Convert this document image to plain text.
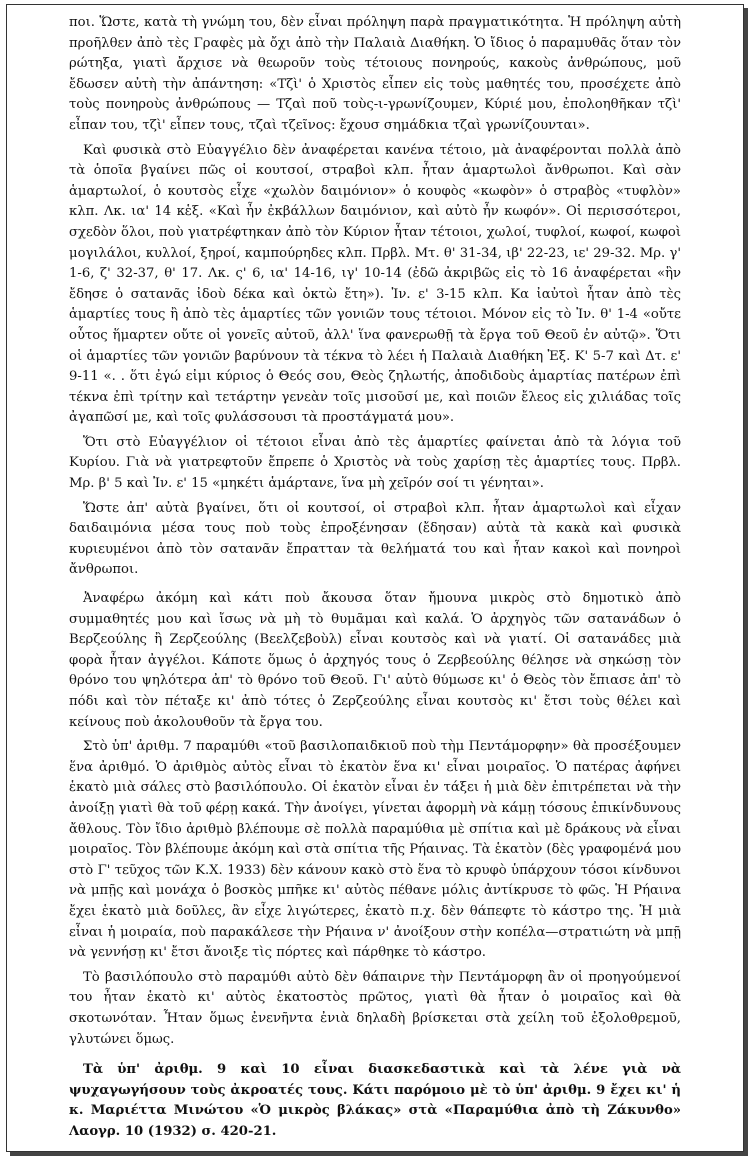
ποι. Ὥστε, κατὰ τὴ γνώμη του, δὲν εἶναι πρόληψη παρὰ πραγματικότητα. Ἡ πρόληψη αὐτὴ προῆλθεν ἀπὸ τὲς Γραφὲς μὰ ὄχι ἀπὸ τὴν Παλαιὰ Διαθήκη. Ὁ ἴδιος ὁ παραμυθᾶς ὅταν τὸν ρώτηξα, γιατὶ ἄρχισε νὰ θεωροῦν τοὺς τέτοιους πονηρούς, κακοὺς ἀνθρώπους, μοῦ ἔδωσεν αὐτὴ τὴν ἀπάντηση: «Τζὶ' ὁ Χριστὸς εἶπεν εἰς τοὺς μαθητές του, προσέχετε ἀπὸ τοὺς πονηροὺς ἀνθρώπους — Τζαὶ ποῦ τοὺς-ι-γρωνίζουμεν, Κύριέ μου, ἐπολοηθῆκαν τζὶ' εἶπαν του, τζὶ' εἶπεν τους, τζαὶ τζεῖνος: ἔχουσ σημάδκια τζαὶ γρωνίζουνται».

Καὶ φυσικὰ στὸ Εὐαγγέλιο δὲν ἀναφέρεται κανένα τέτοιο, μὰ ἀναφέρονται πολλὰ ἀπὸ τὰ ὁποῖα βγαίνει πῶς οἱ κουτσοί, στραβοὶ κλπ. ἦταν ἁμαρτωλοὶ ἄνθρωποι. Καὶ σὰν ἁμαρτωλοί, ὁ κουτσὸς εἶχε «χωλὸν δαιμόνιον» ὁ κουφὸς «κωφὸν» ὁ στραβὸς «τυφλὸν» κλπ. Λκ. ια' 14 κἑξ. «Καὶ ἦν ἐκβάλλων δαιμόνιον, καὶ αὐτὸ ἦν κωφόν». Οἱ περισσότεροι, σχεδὸν ὅλοι, ποὺ γιατρέφτηκαν ἀπὸ τὸν Κύριον ἦταν τέτοιοι, χωλοί, τυφλοί, κωφοί, κωφοὶ μογιλάλοι, κυλλοί, ξηροί, καμπούρηδες κλπ. Πρβλ. Μτ. θ' 31-34, ιβ' 22-23, ιε' 29-32. Μρ. γ' 1-6, ζ' 32-37, θ' 17. Λκ. ς' 6, ια' 14-16, ιγ' 10-14 (ἐδῶ ἀκριβῶς εἰς τὸ 16 ἀναφέρεται «ἣν ἔδησε ὁ σατανᾶς ἰδοὺ δέκα καὶ ὀκτὼ ἔτη»). Ἰν. ε' 3-15 κλπ. Κα ἰαὐτοὶ ἦταν ἀπὸ τὲς ἁμαρτίες τους ἢ ἀπὸ τὲς ἁμαρτίες τῶν γονιῶν τους τέτοιοι. Μόνον εἰς τὸ Ἰν. θ' 1-4 «οὔτε οὗτος ἥμαρτεν οὔτε οἱ γονεῖς αὐτοῦ, ἀλλ' ἵνα φανερωθῇ τὰ ἔργα τοῦ Θεοῦ ἐν αὐτῷ». Ὅτι οἱ ἁμαρτίες τῶν γονιῶν βαρύνουν τὰ τέκνα τὸ λέει ἡ Παλαιὰ Διαθήκη Ἐξ. Κ' 5-7 καὶ Δτ. ε' 9-11 «. . ὅτι ἐγώ εἰμι κύριος ὁ Θεός σου, Θεὸς ζηλωτής, ἀποδιδοὺς ἁμαρτίας πατέρων ἐπὶ τέκνα ἐπὶ τρίτην καὶ τετάρτην γενεὰν τοῖς μισοῦσί με, καὶ ποιῶν ἔλεος εἰς χιλιάδας τοῖς ἀγαπῶσί με, καὶ τοῖς φυλάσσουσι τὰ προστάγματά μου».

Ὅτι στὸ Εὐαγγέλιον οἱ τέτοιοι εἶναι ἀπὸ τὲς ἁμαρτίες φαίνεται ἀπὸ τὰ λόγια τοῦ Κυρίου. Γιὰ νὰ γιατρεφτοῦν ἔπρεπε ὁ Χριστὸς νὰ τοὺς χαρίσῃ τὲς ἁμαρτίες τους. Πρβλ. Μρ. β' 5 καὶ Ἰν. ε' 15 «μηκέτι ἁμάρτανε, ἵνα μὴ χεῖρόν σοί τι γένηται».

Ὥστε ἀπ' αὐτὰ βγαίνει, ὅτι οἱ κουτσοί, οἱ στραβοὶ κλπ. ἦταν ἁμαρτωλοὶ καὶ εἶχαν δαιδαιμόνια μέσα τους ποὺ τοὺς ἐπροξένησαν (ἔδησαν) αὐτὰ τὰ κακὰ καὶ φυσικὰ κυριευμένοι ἀπὸ τὸν σατανᾶν ἔπρατταν τὰ θελήματά του καὶ ἦταν κακοὶ καὶ πονηροὶ ἄνθρωποι.

Ἀναφέρω ἀκόμη καὶ κάτι ποὺ ἄκουσα ὅταν ἤμουνα μικρὸς στὸ δημοτικὸ ἀπὸ συμμαθητές μου καὶ ἴσως νὰ μὴ τὸ θυμᾶμαι καὶ καλά. Ὁ ἀρχηγὸς τῶν σατανάδων ὁ Βερζεούλης ἢ Ζερζεούλης (Βεελζεβοὺλ) εἶναι κουτσὸς καὶ νὰ γιατί. Οἱ σατανάδες μιὰ φορὰ ἦταν ἀγγέλοι. Κάποτε ὅμως ὁ ἀρχηγός τους ὁ Ζερβεούλης θέλησε νὰ σηκώσῃ τὸν θρόνο του ψηλότερα ἀπ' τὸ θρόνο τοῦ Θεοῦ. Γι' αὐτὸ θύμωσε κι' ὁ Θεὸς τὸν ἔπιασε ἀπ' τὸ πόδι καὶ τὸν πέταξε κι' ἀπὸ τότες ὁ Ζερζεούλης εἶναι κουτσὸς κι' ἔτσι τοὺς θέλει καὶ κείνους ποὺ ἀκολουθοῦν τὰ ἔργα του.

Στὸ ὑπ' ἀριθμ. 7 παραμύθι «τοῦ βασιλοπαιδκιοῦ ποὺ τὴμ Πεντάμορφην» θὰ προσέξουμεν ἕνα ἀριθμό. Ὁ ἀριθμὸς αὐτὸς εἶναι τὸ ἑκατὸν ἕνα κι' εἶναι μοιραῖος. Ὁ πατέρας ἀφήνει ἑκατὸ μιὰ σάλες στὸ βασιλόπουλο. Οἱ ἑκατὸν εἶναι ἐν τάξει ἡ μιὰ δὲν ἐπιτρέπεται νὰ τὴν ἀνοίξῃ γιατὶ θὰ τοῦ φέρῃ κακά. Τὴν ἀνοίγει, γίνεται ἀφορμὴ νὰ κάμῃ τόσους ἐπικίνδυνους ἄθλους. Τὸν ἴδιο ἀριθμὸ βλέπουμε σὲ πολλὰ παραμύθια μὲ σπίτια καὶ μὲ δράκους νὰ εἶναι μοιραῖος. Τὸν βλέπουμε ἀκόμη καὶ στὰ σπίτια τῆς Ρήαινας. Τὰ ἑκατὸν (δὲς γραφομένά μου στὸ Γ' τεῦχος τῶν Κ.Χ. 1933) δὲν κάνουν κακὸ στὸ ἕνα τὸ κρυφὸ ὑπάρχουν τόσοι κίνδυνοι νὰ μπῇς καὶ μονάχα ὁ βοσκὸς μπῆκε κι' αὐτὸς πέθανε μόλις ἀντίκρυσε τὸ φῶς. Ἡ Ρήαινα ἔχει ἑκατὸ μιὰ δοῦλες, ἂν εἶχε λιγώτερες, ἑκατὸ π.χ. δὲν θάπεφτε τὸ κάστρο της. Ἡ μιὰ εἶναι ἡ μοιραία, ποὺ παρακάλεσε τὴν Ρήαινα ν' ἀνοίξουν στὴν κοπέλα—στρατιώτη νὰ μπῇ νὰ γεννήσῃ κι' ἔτσι ἄνοιξε τὶς πόρτες καὶ πάρθηκε τὸ κάστρο.

Τὸ βασιλόπουλο στὸ παραμύθι αὐτὸ δὲν θάπαιρνε τὴν Πεντάμορφη ἂν οἱ προηγούμενοί του ἦταν ἑκατὸ κι' αὐτὸς ἑκατοστὸς πρῶτος, γιατὶ θὰ ἦταν ὁ μοιραῖος καὶ θὰ σκοτωνόταν. Ἦταν ὅμως ἐνενῆντα ἐνιὰ δηλαδὴ βρίσκεται στὰ χείλη τοῦ ἐξολοθρεμοῦ, γλυτώνει ὅμως.

Τὰ ὑπ' ἀριθμ. 9 καὶ 10 εἶναι διασκεδαστικὰ καὶ τὰ λένε γιὰ νὰ ψυχαγωγήσουν τοὺς ἀκροατές τους. Κάτι παρόμοιο μὲ τὸ ὑπ' ἀριθμ. 9 ἔχει κι' ἡ κ. Μαριέττα Μινώτου «Ὁ μικρὸς βλάκας» στὰ «Παραμύθια ἀπὸ τὴ Ζάκυνθο» Λαογρ. 10 (1932) σ. 420-21.
